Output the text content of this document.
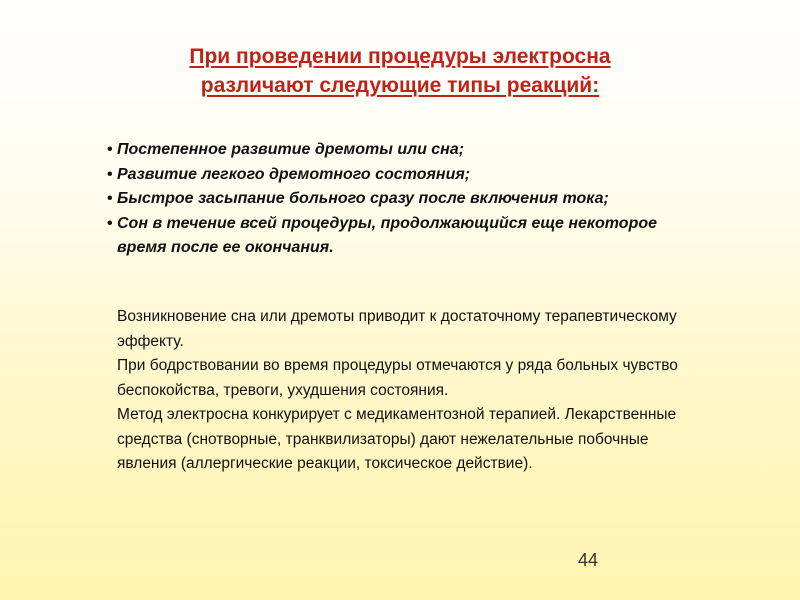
При проведении процедуры электросна
различают следующие типы реакций:
• Постепенное развитие дремоты или сна;
• Развитие легкого дремотного состояния;
• Быстрое засыпание больного сразу после включения тока;
• Сон в течение всей процедуры, продолжающийся еще некоторое время после ее окончания.

Возникновение сна или дремоты приводит к достаточному терапевтическому эффекту.

При бодрствовании во время процедуры отмечаются у ряда больных чувство беспокойства, тревоги, ухудшения состояния.

Метод электросна конкурирует с медикаментозной терапией. Лекарственные средства (снотворные, транквилизаторы) дают нежелательные побочные явления (аллергические реакции, токсическое действие).

44
